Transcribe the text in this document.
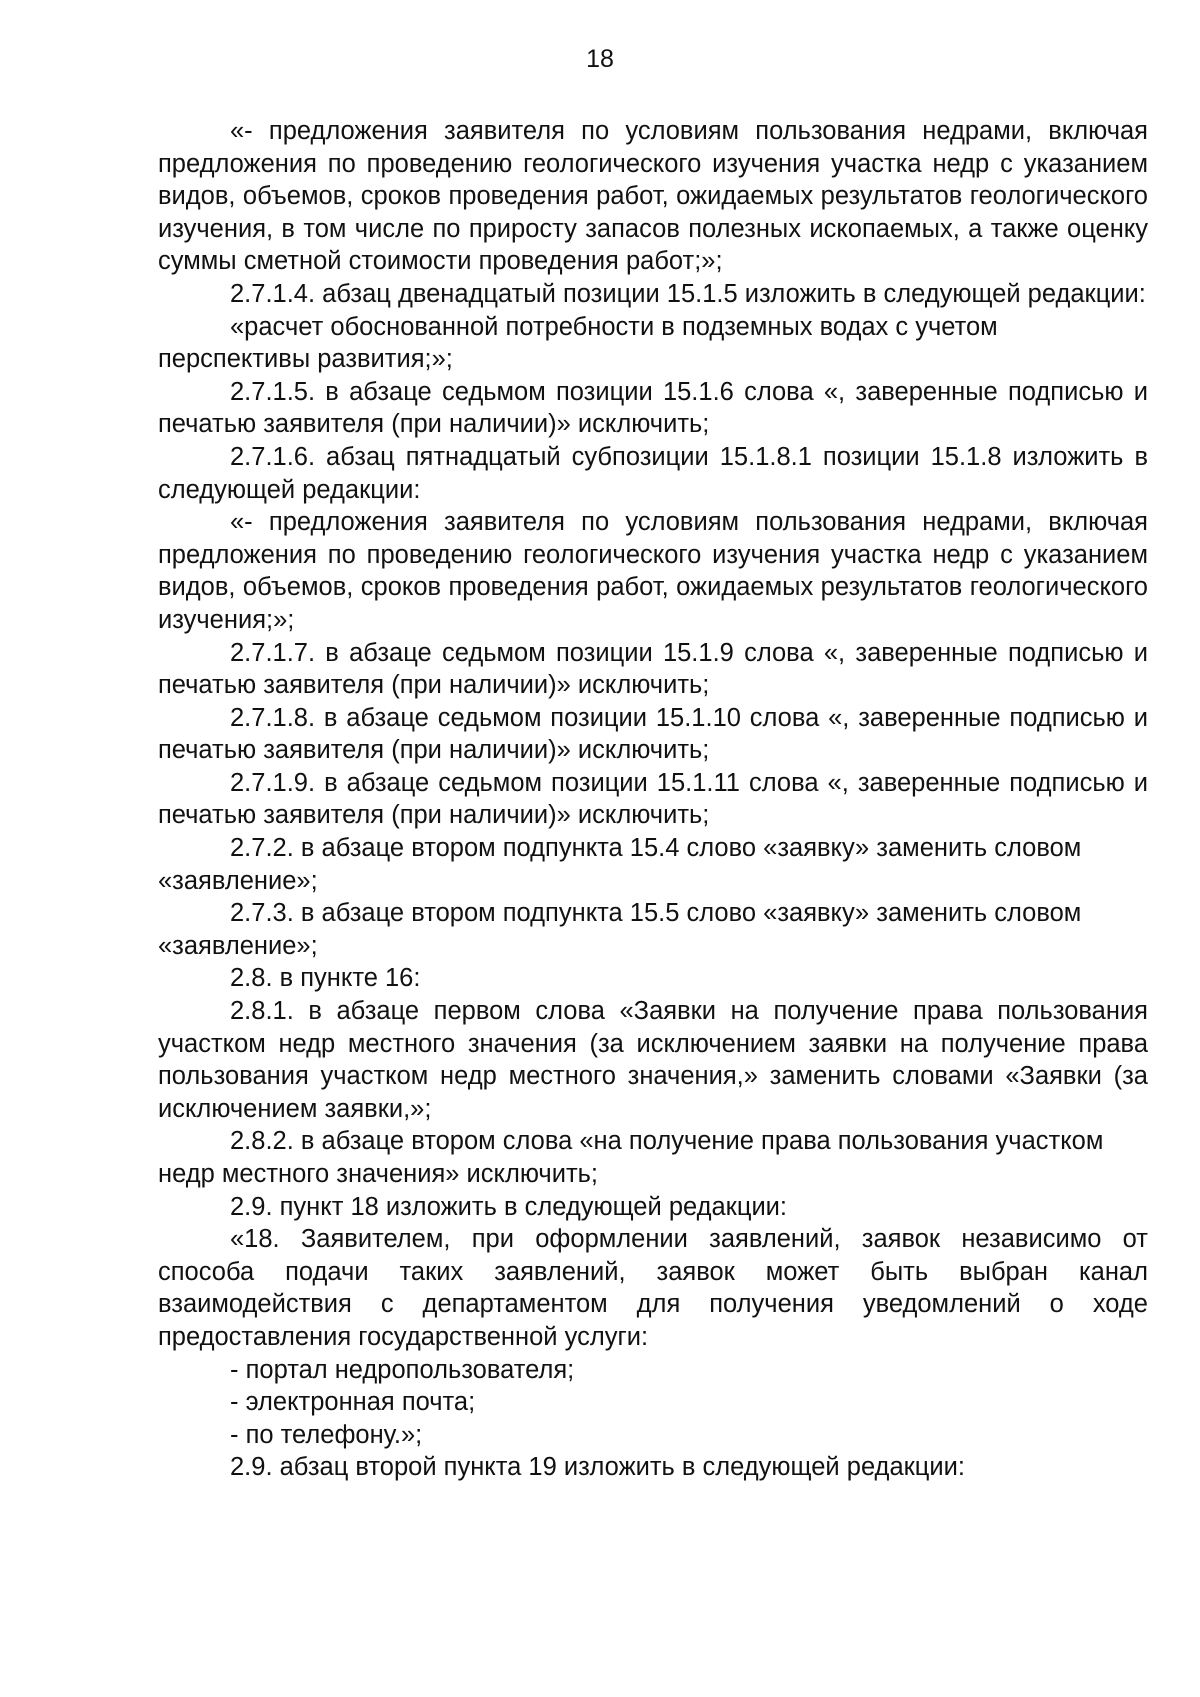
18

«- предложения заявителя по условиям пользования недрами, включая предложения по проведению геологического изучения участка недр с указанием видов, объемов, сроков проведения работ, ожидаемых результатов геологического изучения, в том числе по приросту запасов полезных ископаемых, а также оценку суммы сметной стоимости проведения работ;»;

2.7.1.4. абзац двенадцатый позиции 15.1.5 изложить в следующей редакции:

«расчет обоснованной потребности в подземных водах с учетом перспективы развития;»;

2.7.1.5. в абзаце седьмом позиции 15.1.6 слова «, заверенные подписью и печатью заявителя (при наличии)» исключить;

2.7.1.6. абзац пятнадцатый субпозиции 15.1.8.1 позиции 15.1.8 изложить в следующей редакции:

«- предложения заявителя по условиям пользования недрами, включая предложения по проведению геологического изучения участка недр с указанием видов, объемов, сроков проведения работ, ожидаемых результатов геологического изучения;»;

2.7.1.7. в абзаце седьмом позиции 15.1.9 слова «, заверенные подписью и печатью заявителя (при наличии)» исключить;

2.7.1.8. в абзаце седьмом позиции 15.1.10 слова «, заверенные подписью и печатью заявителя (при наличии)» исключить;

2.7.1.9. в абзаце седьмом позиции 15.1.11 слова «, заверенные подписью и печатью заявителя (при наличии)» исключить;

2.7.2. в абзаце втором подпункта 15.4 слово «заявку» заменить словом «заявление»;

2.7.3. в абзаце втором подпункта 15.5 слово «заявку» заменить словом «заявление»;

2.8. в пункте 16:

2.8.1. в абзаце первом слова «Заявки на получение права пользования участком недр местного значения (за исключением заявки на получение права пользования участком недр местного значения,» заменить словами «Заявки (за исключением заявки,»;

2.8.2. в абзаце втором слова «на получение права пользования участком недр местного значения» исключить;

2.9. пункт 18 изложить в следующей редакции:

«18. Заявителем, при оформлении заявлений, заявок независимо от способа подачи таких заявлений, заявок может быть выбран канал взаимодействия с департаментом для получения уведомлений о ходе предоставления государственной услуги:

- портал недропользователя;

- электронная почта;

- по телефону.»;

2.9. абзац второй пункта 19 изложить в следующей редакции:
